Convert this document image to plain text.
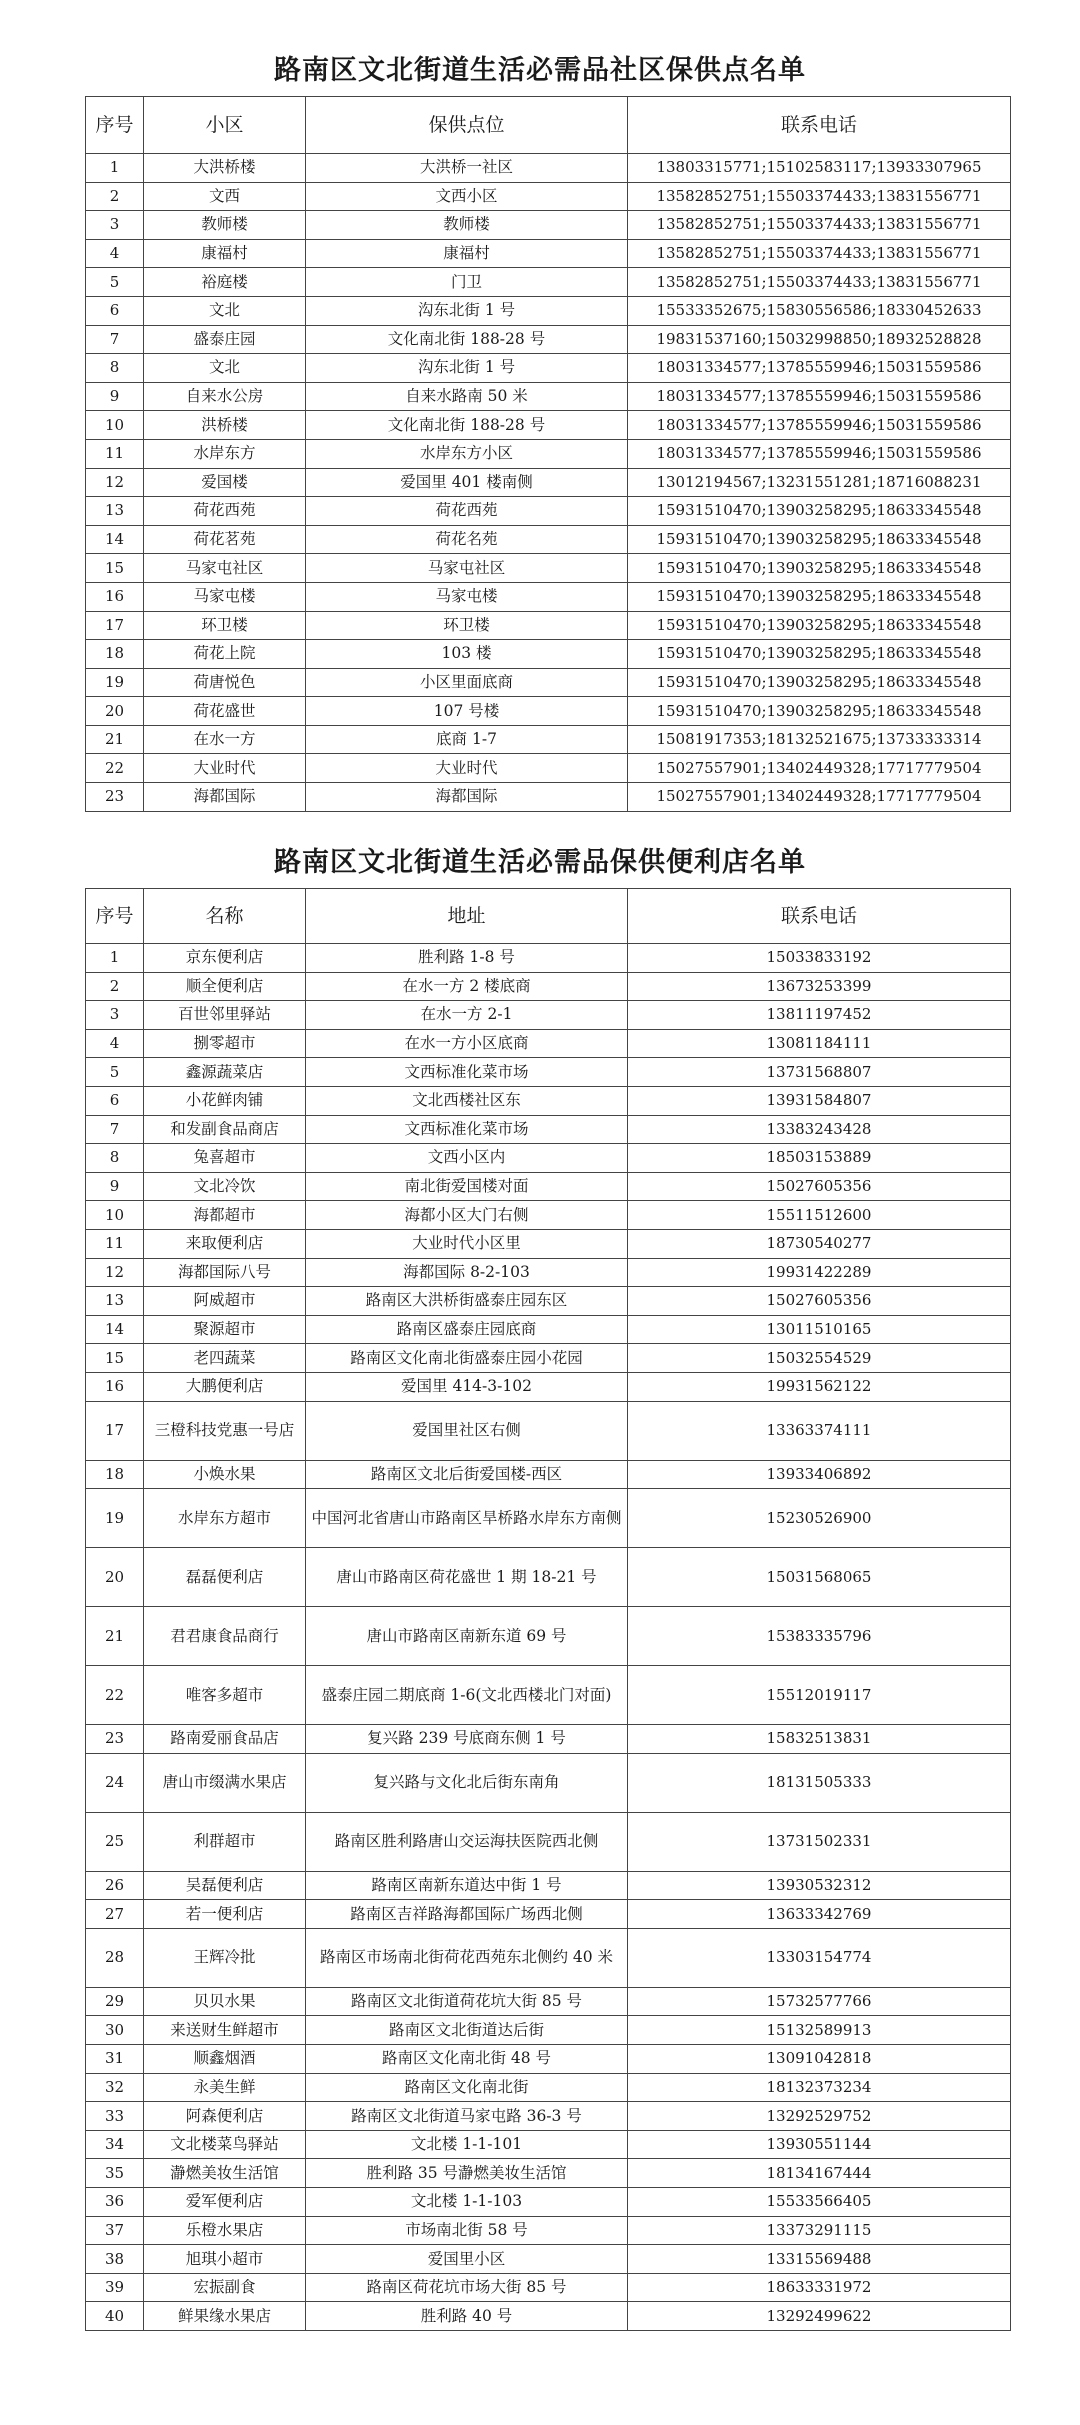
路南区文北街道生活必需品社区保供点名单
序号	小区	保供点位	联系电话
1	大洪桥楼	大洪桥一社区	13803315771;15102583117;13933307965
2	文西	文西小区	13582852751;15503374433;13831556771
3	教师楼	教师楼	13582852751;15503374433;13831556771
4	康福村	康福村	13582852751;15503374433;13831556771
5	裕庭楼	门卫	13582852751;15503374433;13831556771
6	文北	沟东北街 1 号	15533352675;15830556586;18330452633
7	盛泰庄园	文化南北街 188-28 号	19831537160;15032998850;18932528828
8	文北	沟东北街 1 号	18031334577;13785559946;15031559586
9	自来水公房	自来水路南 50 米	18031334577;13785559946;15031559586
10	洪桥楼	文化南北街 188-28 号	18031334577;13785559946;15031559586
11	水岸东方	水岸东方小区	18031334577;13785559946;15031559586
12	爱国楼	爱国里 401 楼南侧	13012194567;13231551281;18716088231
13	荷花西苑	荷花西苑	15931510470;13903258295;18633345548
14	荷花茗苑	荷花名苑	15931510470;13903258295;18633345548
15	马家屯社区	马家屯社区	15931510470;13903258295;18633345548
16	马家屯楼	马家屯楼	15931510470;13903258295;18633345548
17	环卫楼	环卫楼	15931510470;13903258295;18633345548
18	荷花上院	103 楼	15931510470;13903258295;18633345548
19	荷唐悦色	小区里面底商	15931510470;13903258295;18633345548
20	荷花盛世	107 号楼	15931510470;13903258295;18633345548
21	在水一方	底商 1-7	15081917353;18132521675;13733333314
22	大业时代	大业时代	15027557901;13402449328;17717779504
23	海都国际	海都国际	15027557901;13402449328;17717779504
路南区文北街道生活必需品保供便利店名单
序号	名称	地址	联系电话
1	京东便利店	胜利路 1-8 号	15033833192
2	顺全便利店	在水一方 2 楼底商	13673253399
3	百世邻里驿站	在水一方 2-1	13811197452
4	捌零超市	在水一方小区底商	13081184111
5	鑫源蔬菜店	文西标准化菜市场	13731568807
6	小花鲜肉铺	文北西楼社区东	13931584807
7	和发副食品商店	文西标准化菜市场	13383243428
8	兔喜超市	文西小区内	18503153889
9	文北冷饮	南北街爱国楼对面	15027605356
10	海都超市	海都小区大门右侧	15511512600
11	来取便利店	大业时代小区里	18730540277
12	海都国际八号	海都国际 8-2-103	19931422289
13	阿威超市	路南区大洪桥街盛泰庄园东区	15027605356
14	聚源超市	路南区盛泰庄园底商	13011510165
15	老四蔬菜	路南区文化南北街盛泰庄园小花园	15032554529
16	大鹏便利店	爱国里 414-3-102	19931562122
17	三橙科技党惠一号店	爱国里社区右侧	13363374111
18	小焕水果	路南区文北后街爱国楼-西区	13933406892
19	水岸东方超市	中国河北省唐山市路南区旱桥路水岸东方南侧	15230526900
20	磊磊便利店	唐山市路南区荷花盛世 1 期 18-21 号	15031568065
21	君君康食品商行	唐山市路南区南新东道 69 号	15383335796
22	唯客多超市	盛泰庄园二期底商 1-6(文北西楼北门对面)	15512019117
23	路南爱丽食品店	复兴路 239 号底商东侧 1 号	15832513831
24	唐山市缀满水果店	复兴路与文化北后街东南角	18131505333
25	利群超市	路南区胜利路唐山交运海扶医院西北侧	13731502331
26	吴磊便利店	路南区南新东道达中街 1 号	13930532312
27	若一便利店	路南区吉祥路海都国际广场西北侧	13633342769
28	王辉冷批	路南区市场南北街荷花西苑东北侧约 40 米	13303154774
29	贝贝水果	路南区文北街道荷花坑大街 85 号	15732577766
30	来送财生鲜超市	路南区文北街道达后街	15132589913
31	顺鑫烟酒	路南区文化南北街 48 号	13091042818
32	永美生鲜	路南区文化南北街	18132373234
33	阿森便利店	路南区文北街道马家屯路 36-3 号	13292529752
34	文北楼菜鸟驿站	文北楼 1-1-101	13930551144
35	瀞燃美妆生活馆	胜利路 35 号瀞燃美妆生活馆	18134167444
36	爱军便利店	文北楼 1-1-103	15533566405
37	乐橙水果店	市场南北街 58 号	13373291115
38	旭琪小超市	爱国里小区	13315569488
39	宏振副食	路南区荷花坑市场大街 85 号	18633331972
40	鲜果缘水果店	胜利路 40 号	13292499622
